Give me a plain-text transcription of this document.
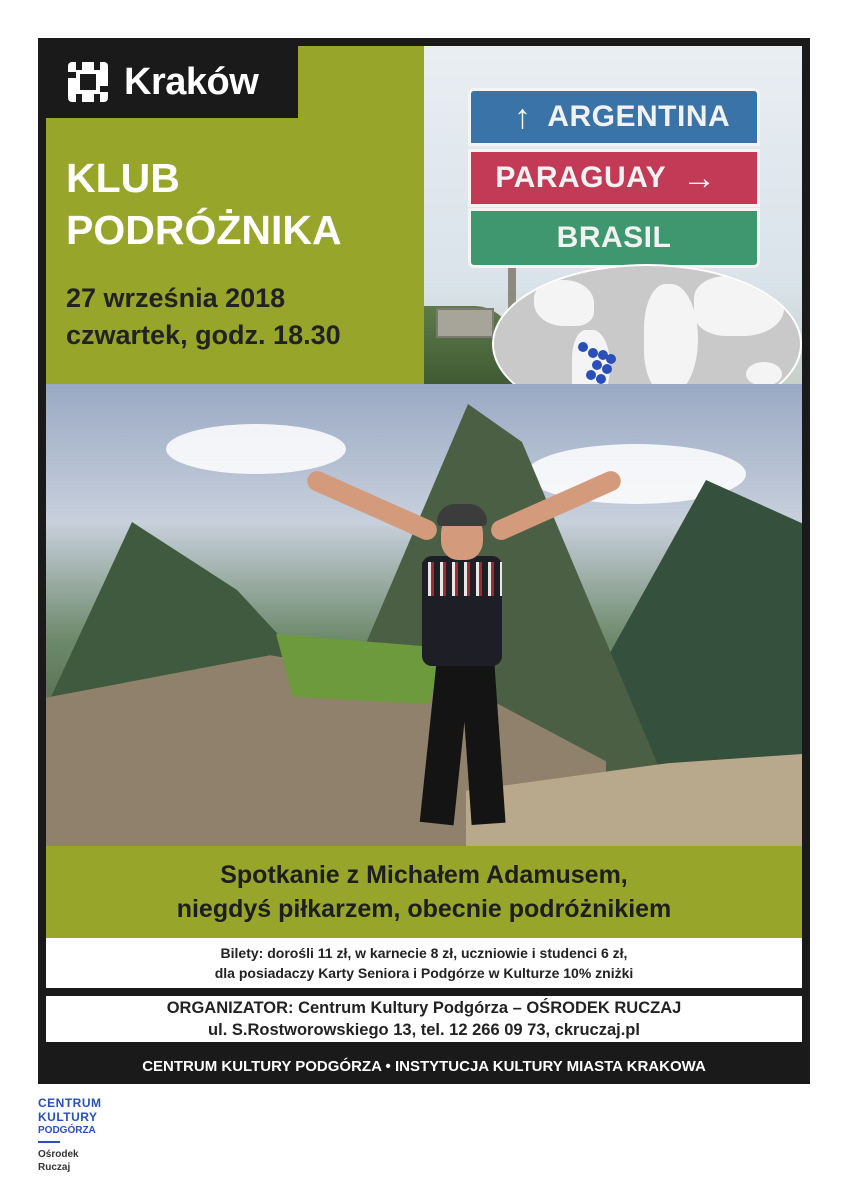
Kraków
KLUB
PODRÓŻNIKA
27 września 2018
czwartek, godz. 18.30
↑ ARGENTINA
PARAGUAY →
BRASIL
Spotkanie z Michałem Adamusem,
niegdyś piłkarzem, obecnie podróżnikiem
Bilety: dorośli 11 zł, w karnecie 8 zł, uczniowie i studenci 6 zł,
dla posiadaczy Karty Seniora i Podgórze w Kulturze 10% zniżki
ORGANIZATOR: Centrum Kultury Podgórza – OŚRODEK RUCZAJ
ul. S.Rostworowskiego 13, tel. 12 266 09 73, ckruczaj.pl
CENTRUM KULTURY PODGÓRZA • INSTYTUCJA KULTURY MIASTA KRAKOWA
CENTRUM
KULTURY
PODGÓRZA
Ośrodek
Ruczaj
